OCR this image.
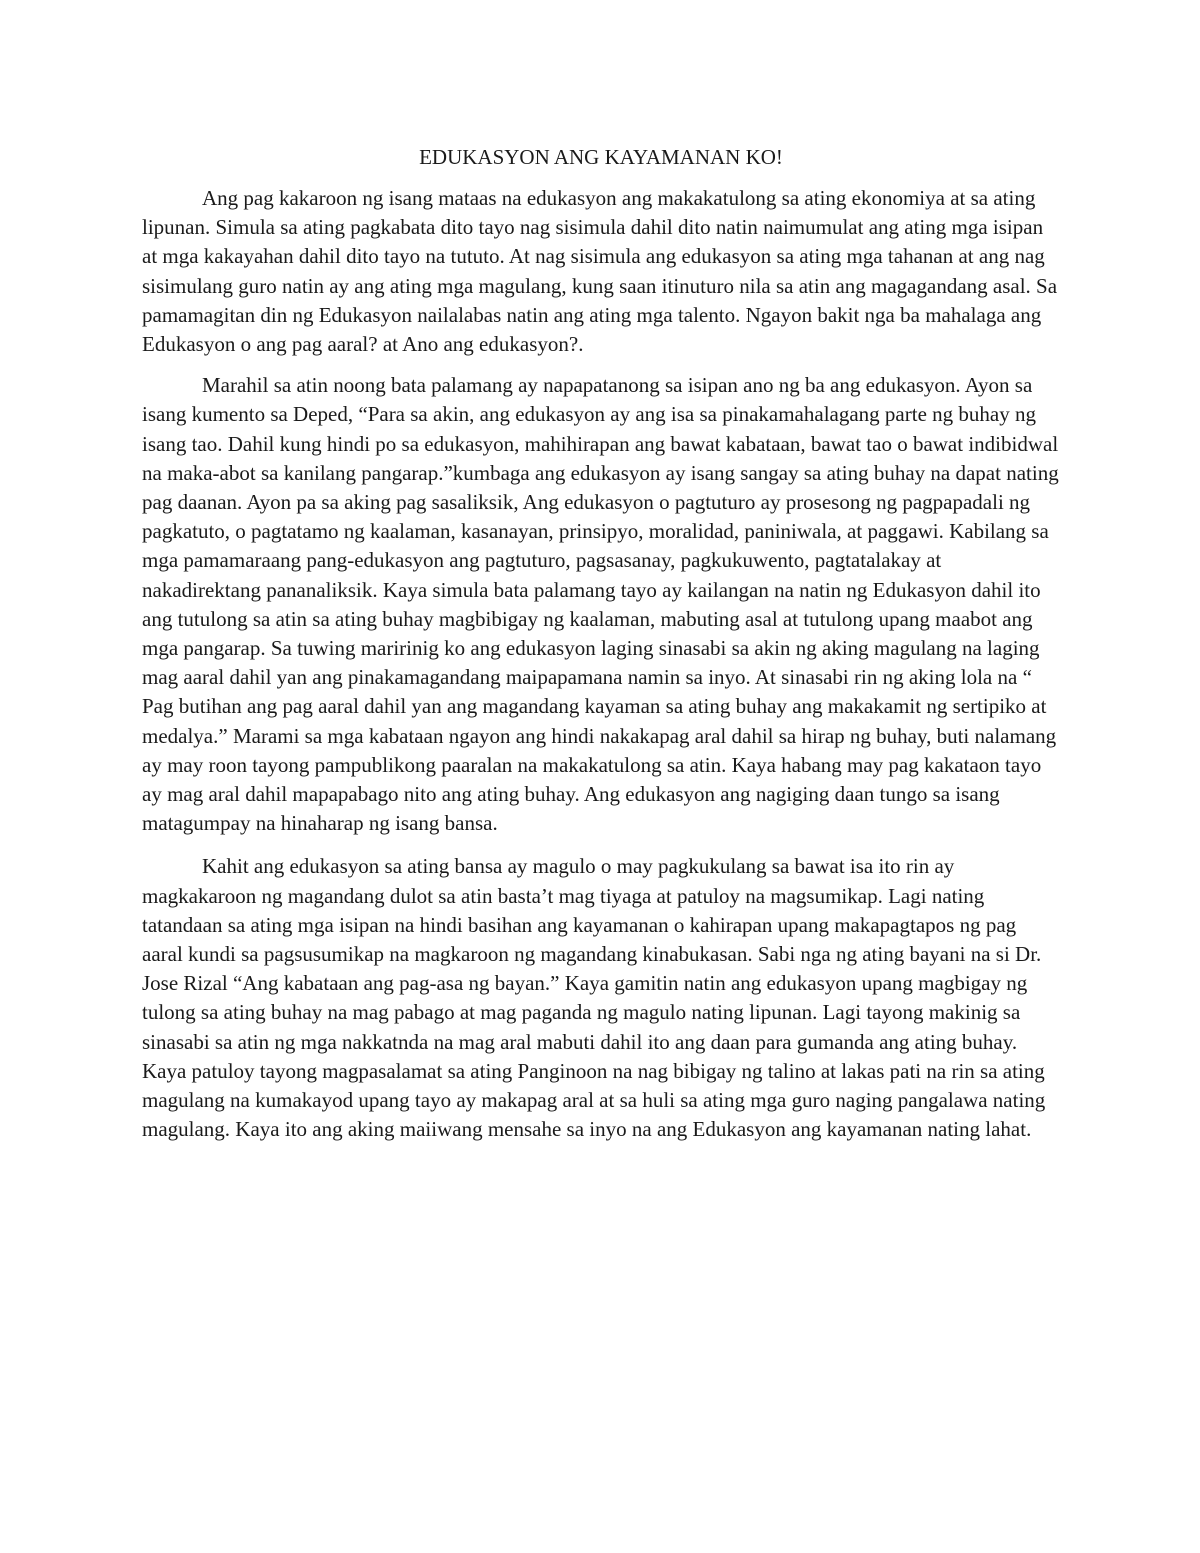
EDUKASYON ANG KAYAMANAN KO!

Ang pag kakaroon ng isang mataas na edukasyon ang makakatulong sa ating ekonomiya at sa ating lipunan. Simula sa ating pagkabata dito tayo nag sisimula dahil dito natin naimumulat ang ating mga isipan at mga kakayahan dahil dito tayo na tututo. At nag sisimula ang edukasyon sa ating mga tahanan at ang nag sisimulang guro natin ay ang ating mga magulang, kung saan itinuturo nila sa atin ang magagandang asal. Sa pamamagitan din ng Edukasyon nailalabas natin ang ating mga talento. Ngayon bakit nga ba mahalaga ang Edukasyon o ang pag aaral? at Ano ang edukasyon?.

Marahil sa atin noong bata palamang ay napapatanong sa isipan ano ng ba ang edukasyon. Ayon sa isang kumento sa Deped, “Para sa akin, ang edukasyon ay ang isa sa pinakamahalagang parte ng buhay ng isang tao. Dahil kung hindi po sa edukasyon, mahihirapan ang bawat kabataan, bawat tao o bawat indibidwal na maka-abot sa kanilang pangarap.”kumbaga ang edukasyon ay isang sangay sa ating buhay na dapat nating pag daanan. Ayon pa sa aking pag sasaliksik, Ang edukasyon o pagtuturo ay prosesong ng pagpapadali ng pagkatuto, o pagtatamo ng kaalaman, kasanayan, prinsipyo, moralidad, paniniwala, at paggawi. Kabilang sa mga pamamaraang pang-edukasyon ang pagtuturo, pagsasanay, pagkukuwento, pagtatalakay at nakadirektang pananaliksik. Kaya simula bata palamang tayo ay kailangan na natin ng Edukasyon dahil ito ang tutulong sa atin sa ating buhay magbibigay ng kaalaman, mabuting asal at tutulong upang maabot ang mga pangarap. Sa tuwing maririnig ko ang edukasyon laging sinasabi sa akin ng aking magulang na laging mag aaral dahil yan ang pinakamagandang maipapamana namin sa inyo. At sinasabi rin ng aking lola na “ Pag butihan ang pag aaral dahil yan ang magandang kayaman sa ating buhay ang makakamit ng sertipiko at medalya.” Marami sa mga kabataan ngayon ang hindi nakakapag aral dahil sa hirap ng buhay, buti nalamang ay may roon tayong pampublikong paaralan na makakatulong sa atin. Kaya habang may pag kakataon tayo ay mag aral dahil mapapabago nito ang ating buhay. Ang edukasyon ang nagiging daan tungo sa isang matagumpay na hinaharap ng isang bansa.

Kahit ang edukasyon sa ating bansa ay magulo o may pagkukulang sa bawat isa ito rin ay magkakaroon ng magandang dulot sa atin basta’t mag tiyaga at patuloy na magsumikap. Lagi nating tatandaan sa ating mga isipan na hindi basihan ang kayamanan o kahirapan upang makapagtapos ng pag aaral kundi sa pagsusumikap na magkaroon ng magandang kinabukasan. Sabi nga ng ating bayani na si Dr. Jose Rizal “Ang kabataan ang pag-asa ng bayan.” Kaya gamitin natin ang edukasyon upang magbigay ng tulong sa ating buhay na mag pabago at mag paganda ng magulo nating lipunan. Lagi tayong makinig sa sinasabi sa atin ng mga nakkatnda na mag aral mabuti dahil ito ang daan para gumanda ang ating buhay. Kaya patuloy tayong magpasalamat sa ating Panginoon na nag bibigay ng talino at lakas pati na rin sa ating magulang na kumakayod upang tayo ay makapag aral at sa huli sa ating mga guro naging pangalawa nating magulang. Kaya ito ang aking maiiwang mensahe sa inyo na ang Edukasyon ang kayamanan nating lahat.
